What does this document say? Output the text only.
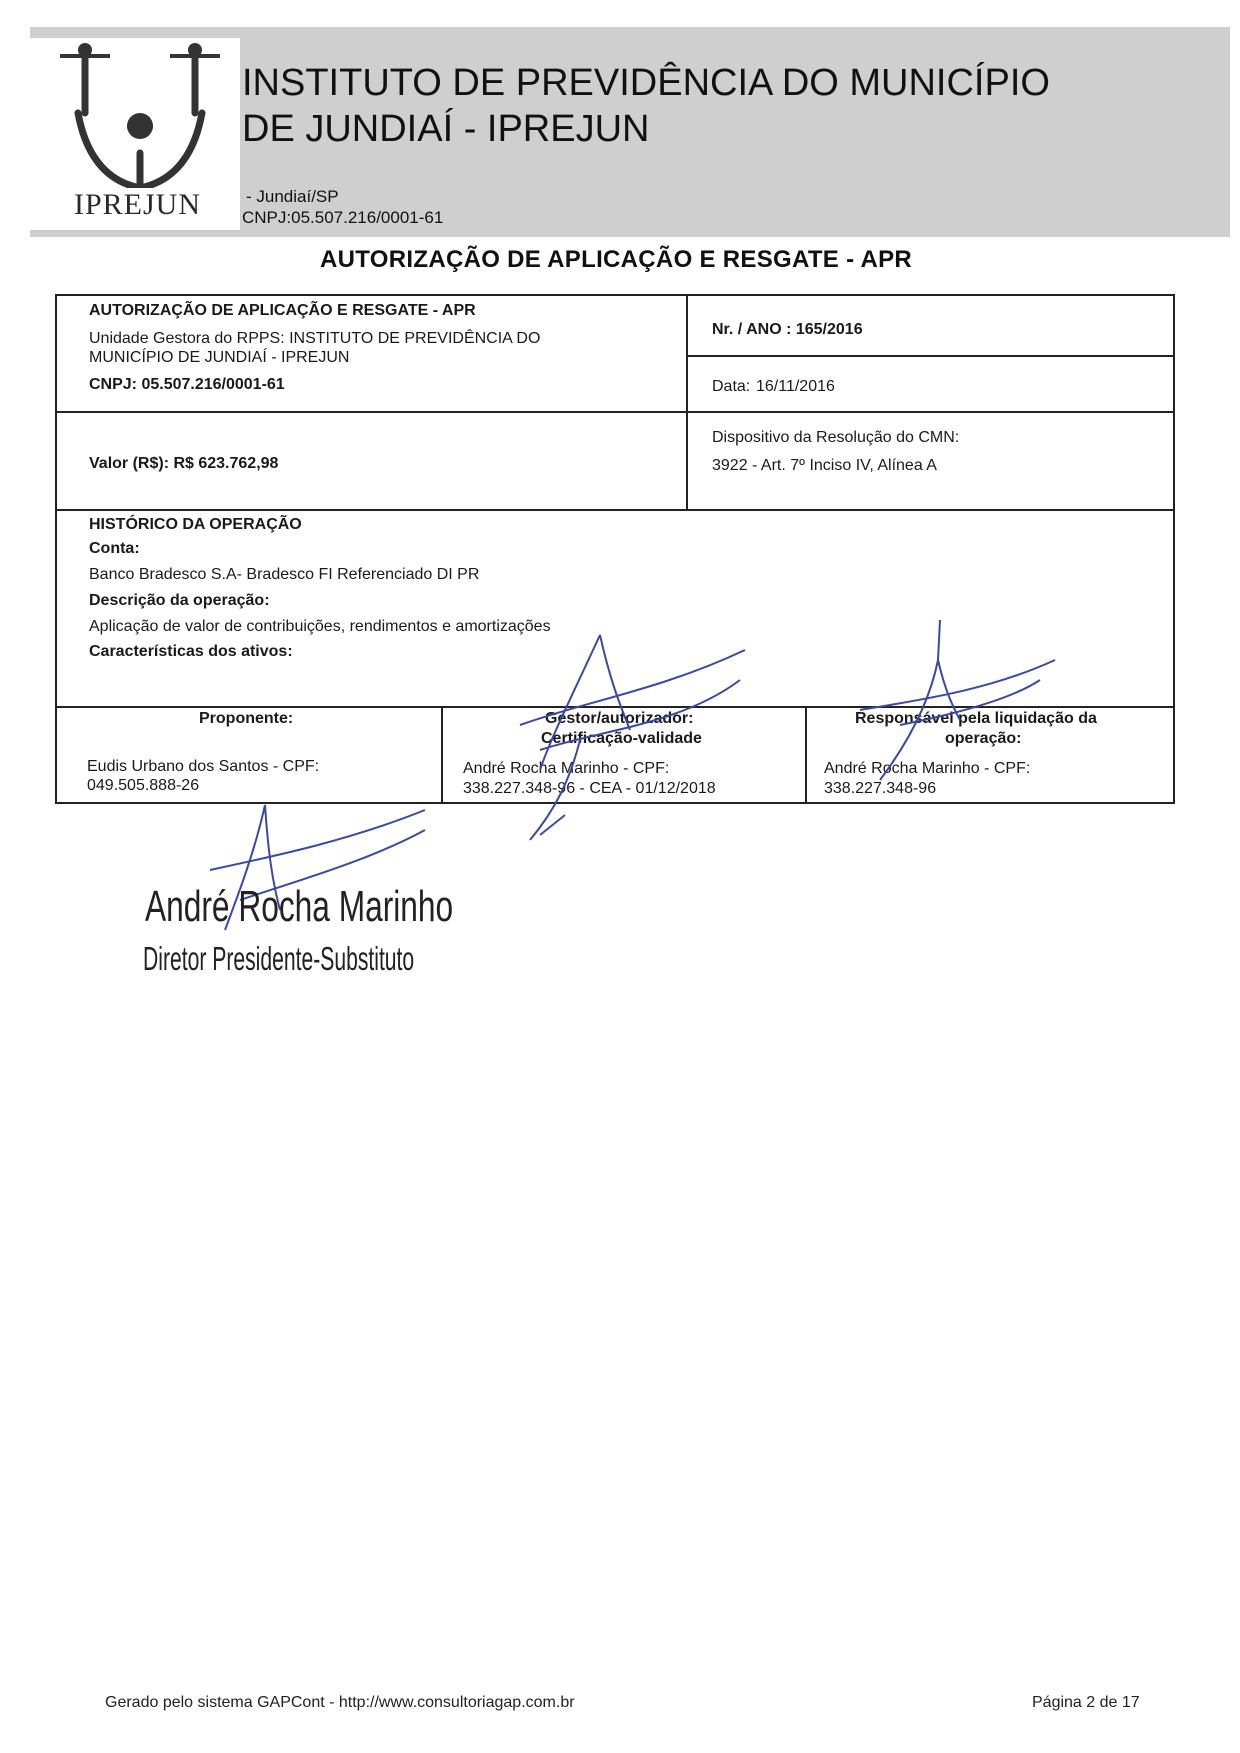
IPREJUN
INSTITUTO DE PREVIDÊNCIA DO MUNICÍPIO
DE JUNDIAÍ - IPREJUN
- Jundiaí/SP
CNPJ:05.507.216/0001-61
AUTORIZAÇÃO DE APLICAÇÃO E RESGATE - APR
AUTORIZAÇÃO DE APLICAÇÃO E RESGATE - APR
Unidade Gestora do RPPS: INSTITUTO DE PREVIDÊNCIA DO
MUNICÍPIO DE JUNDIAÍ - IPREJUN
CNPJ: 05.507.216/0001-61
Nr. / ANO : 165/2016
Data: 16/11/2016
Valor (R$): R$ 623.762,98
Dispositivo da Resolução do CMN:
3922 - Art. 7º Inciso IV, Alínea A
HISTÓRICO DA OPERAÇÃO
Conta:
Banco Bradesco S.A- Bradesco FI Referenciado DI PR
Descrição da operação:
Aplicação de valor de contribuições, rendimentos e amortizações
Características dos ativos:
Proponente:
Eudis Urbano dos Santos - CPF:
049.505.888-26
Gestor/autorizador:
Certificação-validade
André Rocha Marinho - CPF:
338.227.348-96 - CEA - 01/12/2018
Responsável pela liquidação da
operação:
André Rocha Marinho - CPF:
338.227.348-96
André Rocha Marinho
Diretor Presidente-Substituto
Gerado pelo sistema GAPCont - http://www.consultoriagap.com.br	Página 2 de 17
